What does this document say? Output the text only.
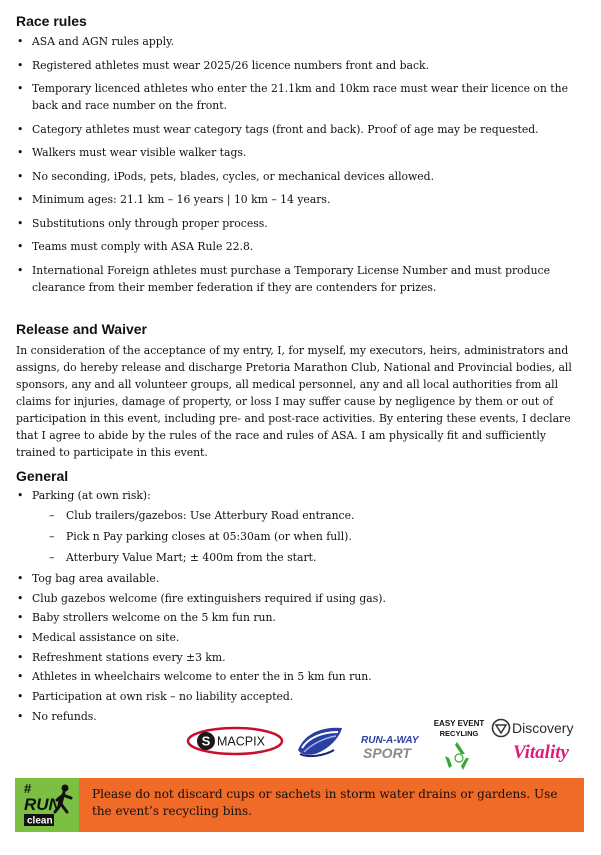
Race rules
• ASA and AGN rules apply.
• Registered athletes must wear 2025/26 licence numbers front and back.
• Temporary licenced athletes who enter the 21.1km and 10km race must wear their licence on the back and race number on the front.
• Category athletes must wear category tags (front and back). Proof of age may be requested.
• Walkers must wear visible walker tags.
• No seconding, iPods, pets, blades, cycles, or mechanical devices allowed.
• Minimum ages: 21.1 km – 16 years | 10 km – 14 years.
• Substitutions only through proper process.
• Teams must comply with ASA Rule 22.8.
• International Foreign athletes must purchase a Temporary License Number and must produce clearance from their member federation if they are contenders for prizes.
Release and Waiver

In consideration of the acceptance of my entry, I, for myself, my executors, heirs, administrators and assigns, do hereby release and discharge Pretoria Marathon Club, National and Provincial bodies, all sponsors, any and all volunteer groups, all medical personnel, any and all local authorities from all claims for injuries, damage of property, or loss I may suffer cause by negligence by them or out of participation in this event, including pre- and post-race activities. By entering these events, I declare that I agree to abide by the rules of the race and rules of ASA. I am physically fit and sufficiently trained to participate in this event.

General
• Parking (at own risk):
– Club trailers/gazebos: Use Atterbury Road entrance.
– Pick n Pay parking closes at 05:30am (or when full).
– Atterbury Value Mart; ± 400m from the start.
• Tog bag area available.
• Club gazebos welcome (fire extinguishers required if using gas).
• Baby strollers welcome on the 5 km fun run.
• Medical assistance on site.
• Refreshment stations every ±3 km.
• Athletes in wheelchairs welcome to enter the in 5 km fun run.
• Participation at own risk – no liability accepted.
• No refunds.
S MACPIX	RUN-A-WAY
SPORT
EASY EVENT
RECYLING Discovery
Vitality
#
RUN
clean
Please do not discard cups or sachets in storm water drains or gardens. Use the event’s recycling bins.
